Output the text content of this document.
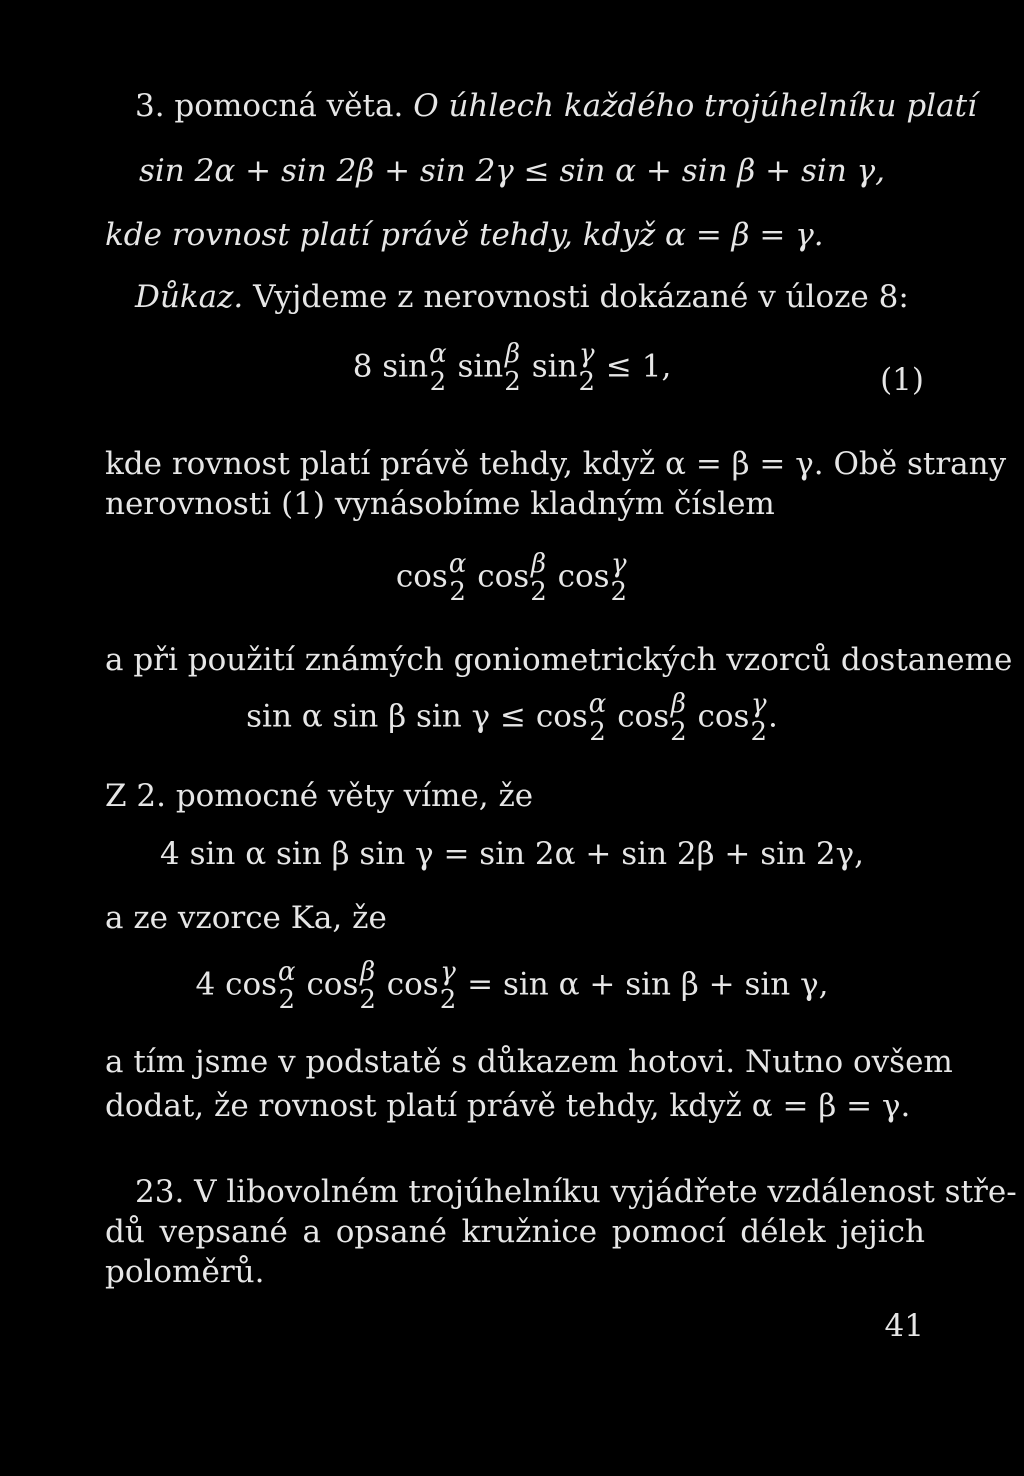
3. pomocná věta. O úhlech každého trojúhelníku platí
sin 2α + sin 2β + sin 2γ ≤ sin α + sin β + sin γ,
kde rovnost platí právě tehdy, když α = β = γ.
Důkaz. Vyjdeme z nerovnosti dokázané v úloze 8:
8 sin α
2 sin β
2 sin γ
2 ≤ 1,	(1)
kde rovnost platí právě tehdy, když α = β = γ. Obě strany
nerovnosti (1) vynásobíme kladným číslem
cos α
2 cos β
2 cos γ
2
a při použití známých goniometrických vzorců dostaneme
sin α sin β sin γ ≤ cos α
2 cos β
2 cos γ
2 .
Z 2. pomocné věty víme, že
4 sin α sin β sin γ = sin 2α + sin 2β + sin 2γ,
a ze vzorce Ka, že
4 cos α
2 cos β
2 cos γ
2 = sin α + sin β + sin γ,
a tím jsme v podstatě s důkazem hotovi. Nutno ovšem
dodat, že rovnost platí právě tehdy, když α = β = γ.
23. V libovolném trojúhelníku vyjádřete vzdálenost stře-
dů vepsané a opsané kružnice pomocí délek jejich
poloměrů.
41
